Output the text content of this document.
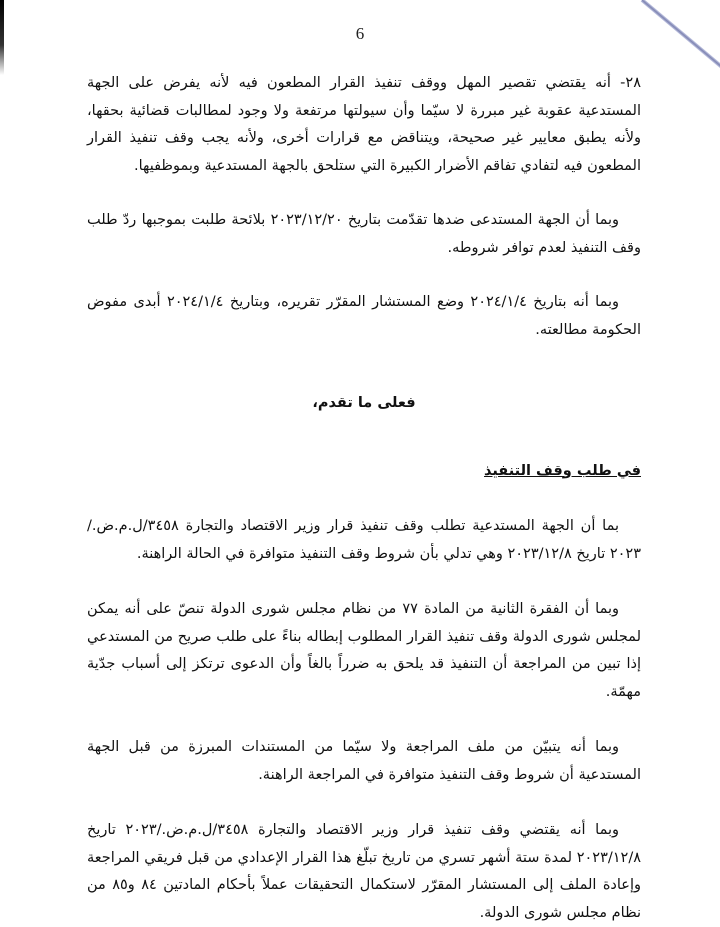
6

٢٨- أنه يقتضي تقصير المهل ووقف تنفيذ القرار المطعون فيه لأنه يفرض على الجهة المستدعية عقوبة غير مبررة لا سيّما وأن سيولتها مرتفعة ولا وجود لمطالبات قضائية بحقها، ولأنه يطبق معايير غير صحيحة، ويتناقض مع قرارات أخرى، ولأنه يجب وقف تنفيذ القرار المطعون فيه لتفادي تفاقم الأضرار الكبيرة التي ستلحق بالجهة المستدعية وبموظفيها.

وبما أن الجهة المستدعى ضدها تقدّمت بتاريخ ٢٠٢٣/١٢/٢٠ بلائحة طلبت بموجبها ردّ طلب وقف التنفيذ لعدم توافر شروطه.

وبما أنه بتاريخ ٢٠٢٤/١/٤ وضع المستشار المقرّر تقريره، وبتاريخ ٢٠٢٤/١/٤ أبدى مفوض الحكومة مطالعته.

فعلى ما تقدم،

في طلب وقف التنفيذ

بما أن الجهة المستدعية تطلب وقف تنفيذ قرار وزير الاقتصاد والتجارة ٣٤٥٨/ل.م.ض./٢٠٢٣ تاريخ ٢٠٢٣/١٢/٨ وهي تدلي بأن شروط وقف التنفيذ متوافرة في الحالة الراهنة.

وبما أن الفقرة الثانية من المادة ٧٧ من نظام مجلس شورى الدولة تنصّ على أنه يمكن لمجلس شورى الدولة وقف تنفيذ القرار المطلوب إبطاله بناءً على طلب صريح من المستدعي إذا تبين من المراجعة أن التنفيذ قد يلحق به ضرراً بالغاً وأن الدعوى ترتكز إلى أسباب جدّية مهمّة.

وبما أنه يتبيّن من ملف المراجعة ولا سيّما من المستندات المبرزة من قبل الجهة المستدعية أن شروط وقف التنفيذ متوافرة في المراجعة الراهنة.

وبما أنه يقتضي وقف تنفيذ قرار وزير الاقتصاد والتجارة ٣٤٥٨/ل.م.ض./٢٠٢٣ تاريخ ٢٠٢٣/١٢/٨ لمدة ستة أشهر تسري من تاريخ تبلّغ هذا القرار الإعدادي من قبل فريقي المراجعة وإعادة الملف إلى المستشار المقرّر لاستكمال التحقيقات عملاً بأحكام المادتين ٨٤ و٨٥ من نظام مجلس شورى الدولة.
